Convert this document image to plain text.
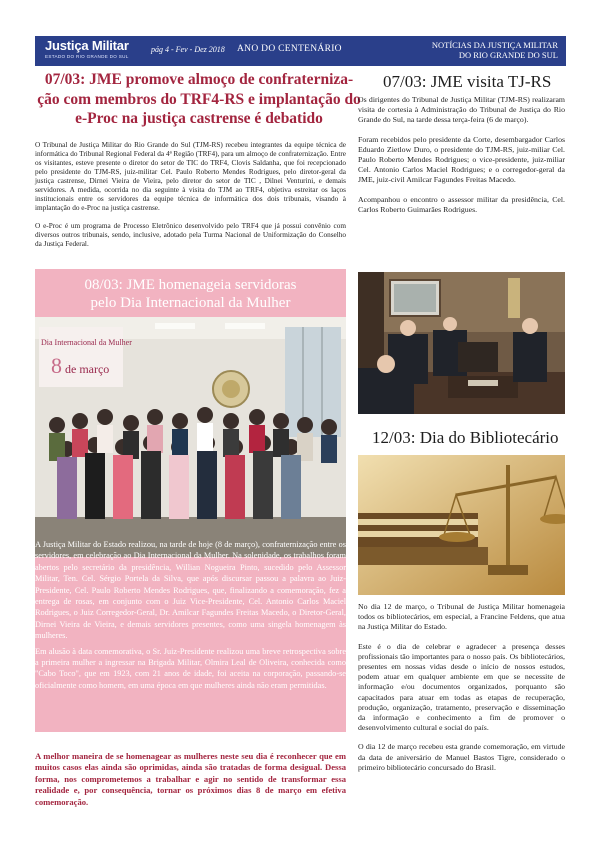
Justiça Militar
ESTADO DO RIO GRANDE DO SUL
pág 4 - Fev - Dez 2018 ANO DO CENTENÁRIO	NOTÍCIAS DA JUSTIÇA MILITAR
DO RIO GRANDE DO SUL
07/03: JME promove almoço de confraterniza-
ção com membros do TRF4-RS e implantação do
e-Proc na justiça castrense é debatido

O Tribunal de Justiça Militar do Rio Grande do Sul (TJM-RS) recebeu integrantes da equipe técnica de informática do Tribunal Regional Federal da 4ª Região (TRF4), para um almoço de confraternização. Entre os visitantes, esteve presente o diretor do setor de TIC do TRF4, Clovis Saldanha, que foi recepcionado pelo presidente do TJM-RS, juiz-militar Cel. Paulo Roberto Mendes Rodrigues, pelo diretor-geral da justiça castrense, Dirnei Vieira de Vieira, pelo diretor do setor de TIC , Dilnei Venturini, e demais servidores. A medida, ocorrida no dia seguinte à visita do TJM ao TRF4, objetiva estreitar os laços institucionais entre os servidores da equipe técnica de informática dos dois tribunais, visando à implantação do e-Proc na justiça castrense.

O e-Proc é um programa de Processo Eletrônico desenvolvido pelo TRF4 que já possui convênio com diversos outros tribunais, sendo, inclusive, adotado pela Turma Nacional de Uniformização do Conselho da Justiça Federal.

08/03: JME homenageia servidoras
pelo Dia Internacional da Mulher
Dia Internacional da Mulher
8 de março

A Justiça Militar do Estado realizou, na tarde de hoje (8 de março), confraternização entre os servidores, em celebração ao Dia Internacional da Mulher. Na solenidade, os trabalhos foram abertos pelo secretário da presidência, Willian Nogueira Pinto, sucedido pelo Assessor Militar, Ten. Cel. Sérgio Portela da Silva, que após discursar passou a palavra ao Juiz-Presidente, Cel. Paulo Roberto Mendes Rodrigues, que, finalizando a comemoração, fez a entrega de rosas, em conjunto com o Juiz Vice-Presidente, Cel. Antonio Carlos Maciel Rodrigues, o Juiz Corregedor-Geral, Dr. Amilcar Fagundes Freitas Macedo, o Diretor-Geral, Dirnei Vieira de Vieira, e demais servidores presentes, como uma singela homenagem às mulheres.

Em alusão à data comemorativa, o Sr. Juiz-Presidente realizou uma breve retrospectiva sobre a primeira mulher a ingressar na Brigada Militar, Olmira Leal de Oliveira, conhecida como "Cabo Toco", que em 1923, com 21 anos de idade, foi aceita na corporação, passando-se oficialmente como homem, em uma época em que mulheres ainda não eram permitidas.

A melhor maneira de se homenagear as mulheres neste seu dia é reconhecer que em muitos casos elas ainda são oprimidas, ainda são tratadas de forma desigual. Dessa forma, nos comprometemos a trabalhar e agir no sentido de transformar essa realidade e, por consequência, tornar os próximos dias 8 de março em efetiva comemoração.
07/03: JME visita TJ-RS

Os dirigentes do Tribunal de Justiça Militar (TJM-RS) realizaram visita de cortesia à Administração do Tribunal de Justiça do Rio Grande do Sul, na tarde dessa terça-feira (6 de março).

Foram recebidos pelo presidente da Corte, desembargador Carlos Eduardo Zietlow Duro, o presidente do TJM-RS, juiz-miliar Cel. Paulo Roberto Mendes Rodrigues; o vice-presidente, juiz-miliar Cel. Antonio Carlos Maciel Rodrigues; e o corregedor-geral da JME, juiz-civil Amilcar Fagundes Freitas Macedo.

Acompanhou o encontro o assessor militar da presidência, Cel. Carlos Roberto Guimarães Rodrigues.

12/03: Dia do Bibliotecário

No dia 12 de março, o Tribunal de Justiça Militar homenageia todos os bibliotecários, em especial, a Francine Feldens, que atua na Justiça Militar do Estado.

Este é o dia de celebrar e agradecer a presença desses profissionais tão importantes para o nosso país. Os bibliotecários, presentes em nossas vidas desde o início de nossos estudos, podem atuar em qualquer ambiente em que se necessite de informação e/ou documentos organizados, porquanto são capacitados para atuar em todas as etapas de recuperação, produção, organização, tratamento, preservação e disseminação da informação e conhecimento a fim de promover o desenvolvimento cultural e social do país.

O dia 12 de março recebeu esta grande comemoração, em virtude da data de aniversário de Manuel Bastos Tigre, considerado o primeiro bibliotecário concursado do Brasil.
